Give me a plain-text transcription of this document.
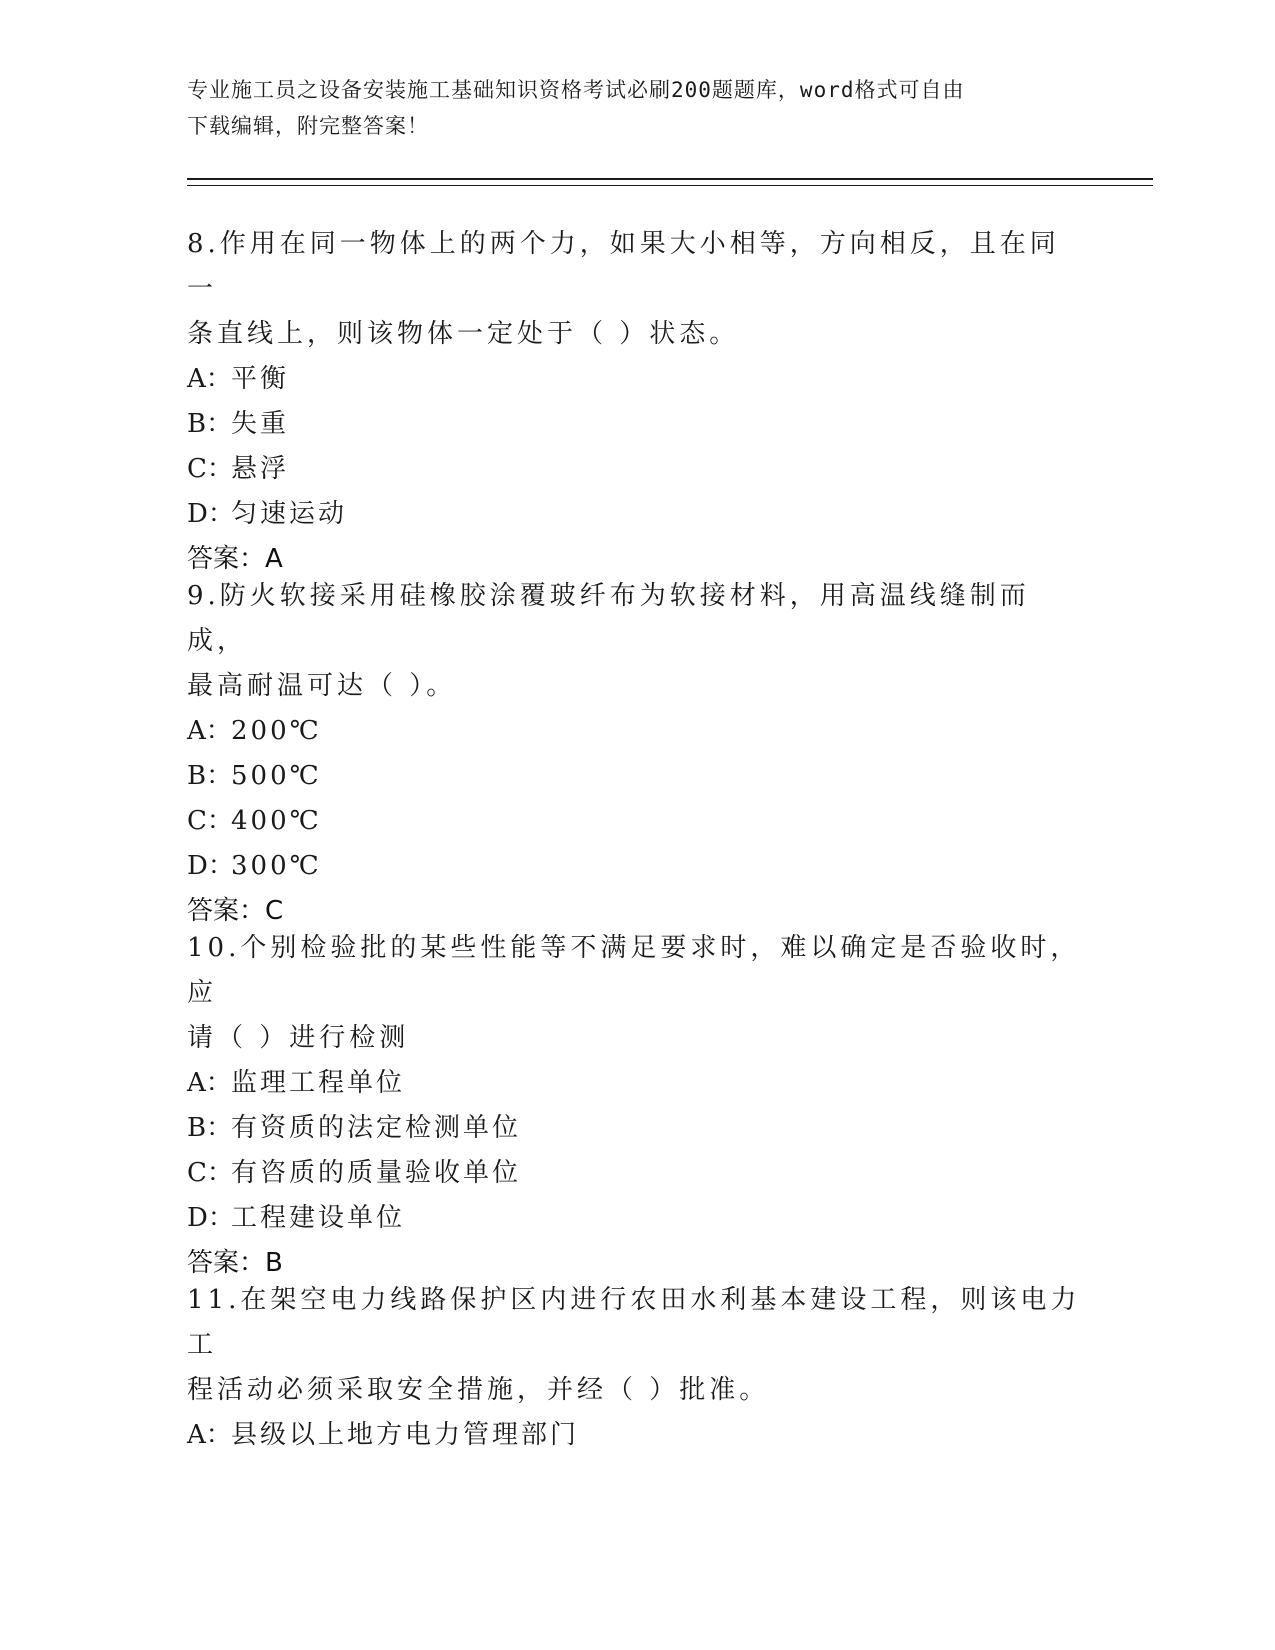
专业施工员之设备安装施工基础知识资格考试必刷200题题库，word格式可自由
下载编辑，附完整答案！
8.作用在同一物体上的两个力，如果大小相等，方向相反，且在同一
条直线上，则该物体一定处于（ ）状态。
A：平衡
B：失重
C：悬浮
D：匀速运动
答案：A
9.防火软接采用硅橡胶涂覆玻纤布为软接材料，用高温线缝制而成，
最高耐温可达（ ）。
A：200℃
B：500℃
C：400℃
D：300℃
答案：C
10.个别检验批的某些性能等不满足要求时，难以确定是否验收时，应
请（ ）进行检测
A：监理工程单位
B：有资质的法定检测单位
C：有咨质的质量验收单位
D：工程建设单位
答案：B
11.在架空电力线路保护区内进行农田水利基本建设工程，则该电力工
程活动必须采取安全措施，并经（ ）批准。
A：县级以上地方电力管理部门
